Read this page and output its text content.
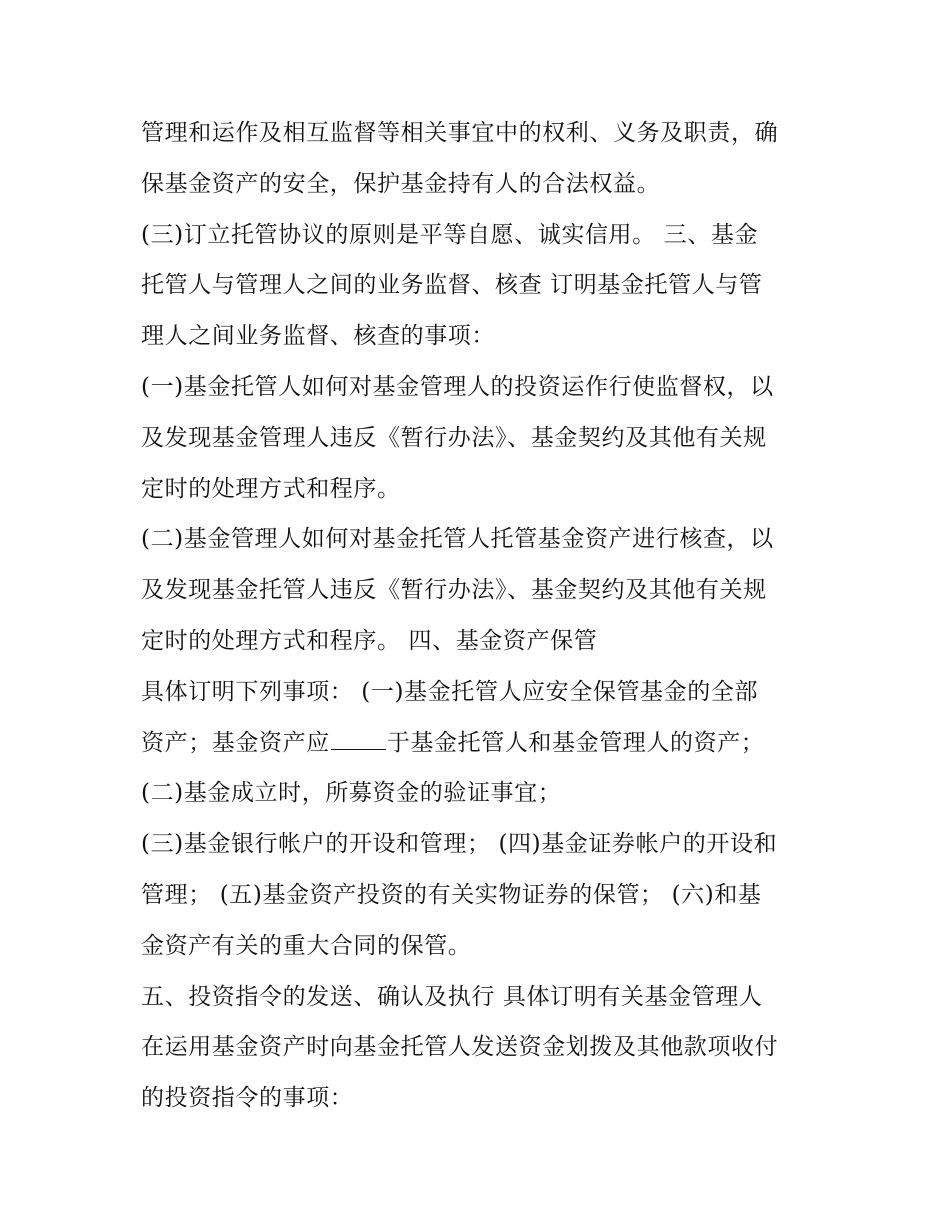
管理和运作及相互监督等相关事宜中的权利、义务及职责，确
保基金资产的安全，保护基金持有人的合法权益。
(三)订立托管协议的原则是平等自愿、诚实信用。 三、基金
托管人与管理人之间的业务监督、核查 订明基金托管人与管
理人之间业务监督、核查的事项：
(一)基金托管人如何对基金管理人的投资运作行使监督权，以
及发现基金管理人违反《暂行办法》、基金契约及其他有关规
定时的处理方式和程序。
(二)基金管理人如何对基金托管人托管基金资产进行核查，以
及发现基金托管人违反《暂行办法》、基金契约及其他有关规
定时的处理方式和程序。 四、基金资产保管
具体订明下列事项： (一)基金托管人应安全保管基金的全部
资产；基金资产应 于基金托管人和基金管理人的资产；
(二)基金成立时，所募资金的验证事宜；
(三)基金银行帐户的开设和管理； (四)基金证券帐户的开设和
管理； (五)基金资产投资的有关实物证券的保管； (六)和基
金资产有关的重大合同的保管。
五、投资指令的发送、确认及执行 具体订明有关基金管理人
在运用基金资产时向基金托管人发送资金划拨及其他款项收付
的投资指令的事项：
